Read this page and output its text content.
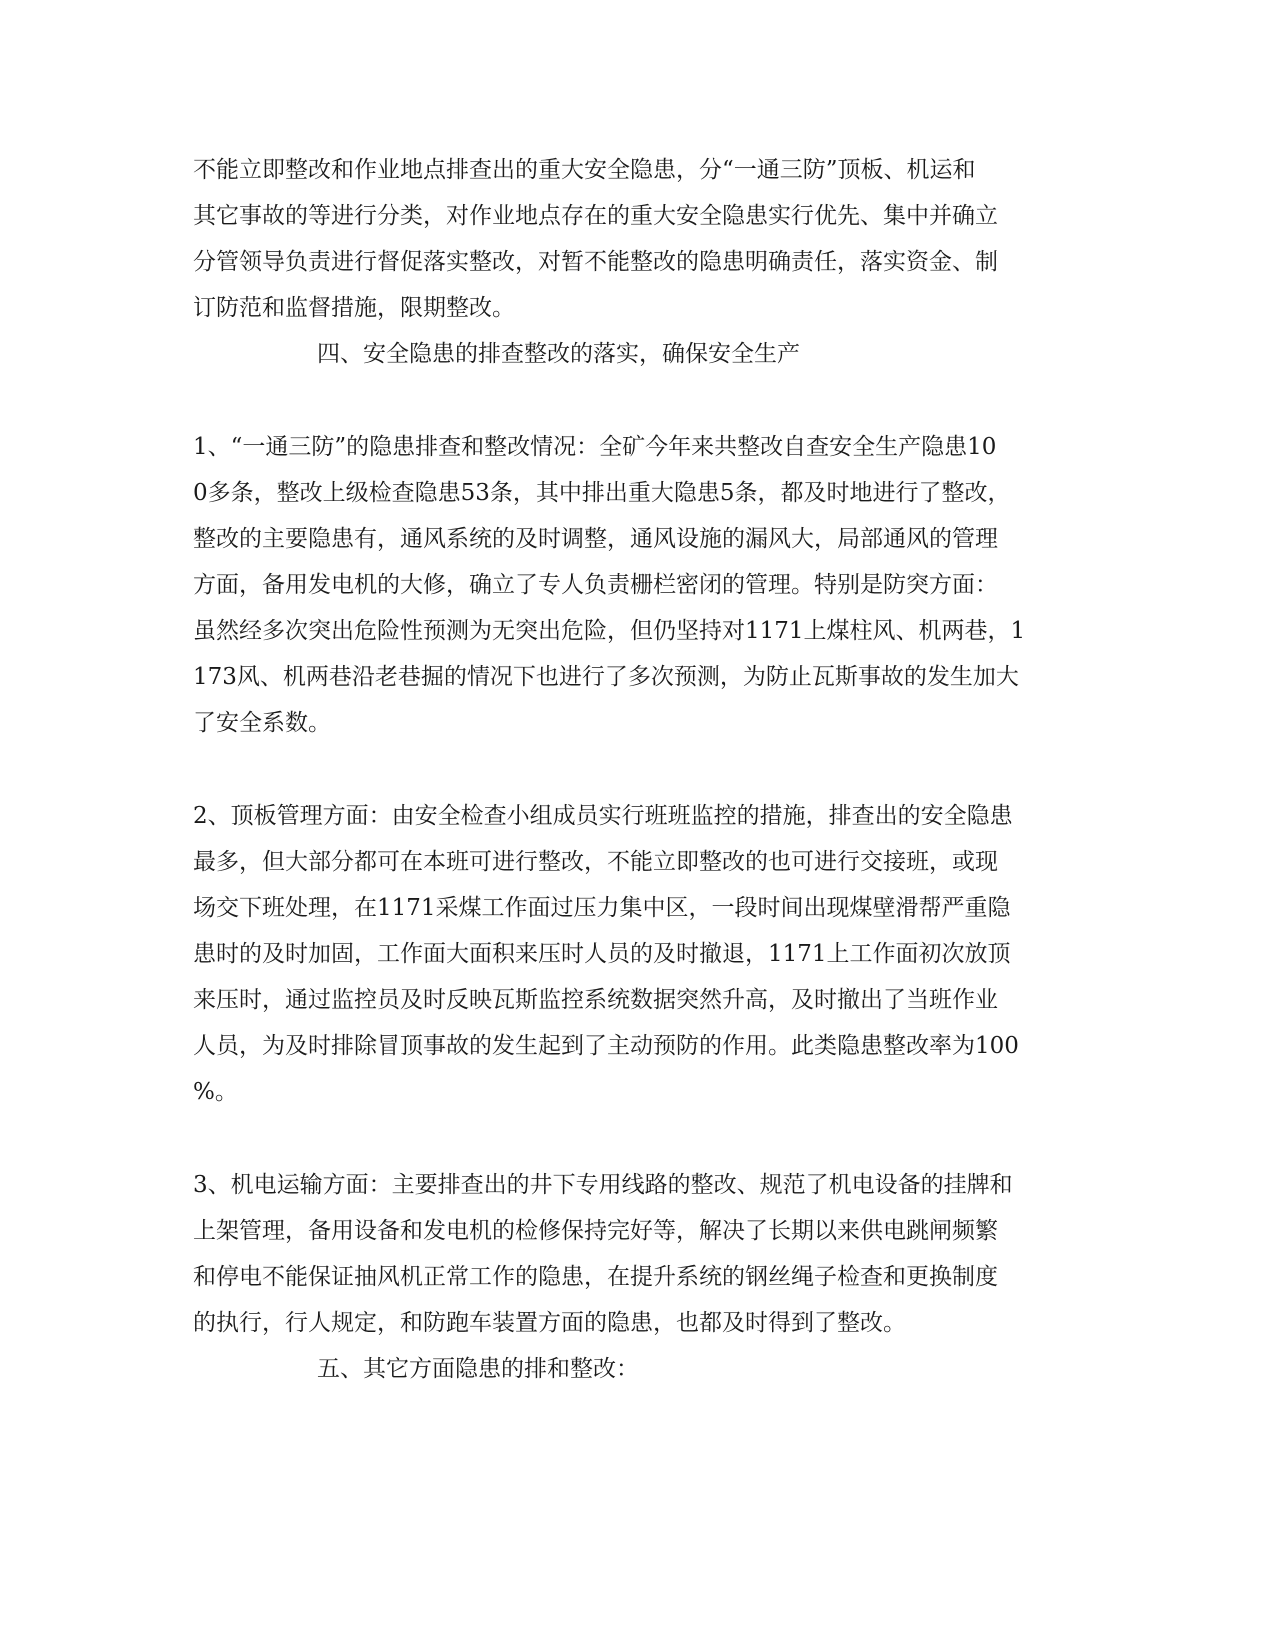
不能立即整改和作业地点排查出的重大安全隐患，分“一通三防”顶板、机运和

其它事故的等进行分类，对作业地点存在的重大安全隐患实行优先、集中并确立

分管领导负责进行督促落实整改，对暂不能整改的隐患明确责任，落实资金、制

订防范和监督措施，限期整改。

四、安全隐患的排查整改的落实，确保安全生产

1、“一通三防”的隐患排查和整改情况：全矿今年来共整改自查安全生产隐患10

0多条，整改上级检查隐患53条，其中排出重大隐患5条，都及时地进行了整改，

整改的主要隐患有，通风系统的及时调整，通风设施的漏风大，局部通风的管理

方面，备用发电机的大修，确立了专人负责栅栏密闭的管理。特别是防突方面：

虽然经多次突出危险性预测为无突出危险，但仍坚持对1171上煤柱风、机两巷，1

173风、机两巷沿老巷掘的情况下也进行了多次预测，为防止瓦斯事故的发生加大

了安全系数。

2、顶板管理方面：由安全检查小组成员实行班班监控的措施，排查出的安全隐患

最多，但大部分都可在本班可进行整改，不能立即整改的也可进行交接班，或现

场交下班处理，在1171采煤工作面过压力集中区，一段时间出现煤壁滑帮严重隐

患时的及时加固，工作面大面积来压时人员的及时撤退，1171上工作面初次放顶

来压时，通过监控员及时反映瓦斯监控系统数据突然升高，及时撤出了当班作业

人员，为及时排除冒顶事故的发生起到了主动预防的作用。此类隐患整改率为100

%。

3、机电运输方面：主要排查出的井下专用线路的整改、规范了机电设备的挂牌和

上架管理，备用设备和发电机的检修保持完好等，解决了长期以来供电跳闸频繁

和停电不能保证抽风机正常工作的隐患，在提升系统的钢丝绳子检查和更换制度

的执行，行人规定，和防跑车装置方面的隐患，也都及时得到了整改。

五、其它方面隐患的排和整改：
